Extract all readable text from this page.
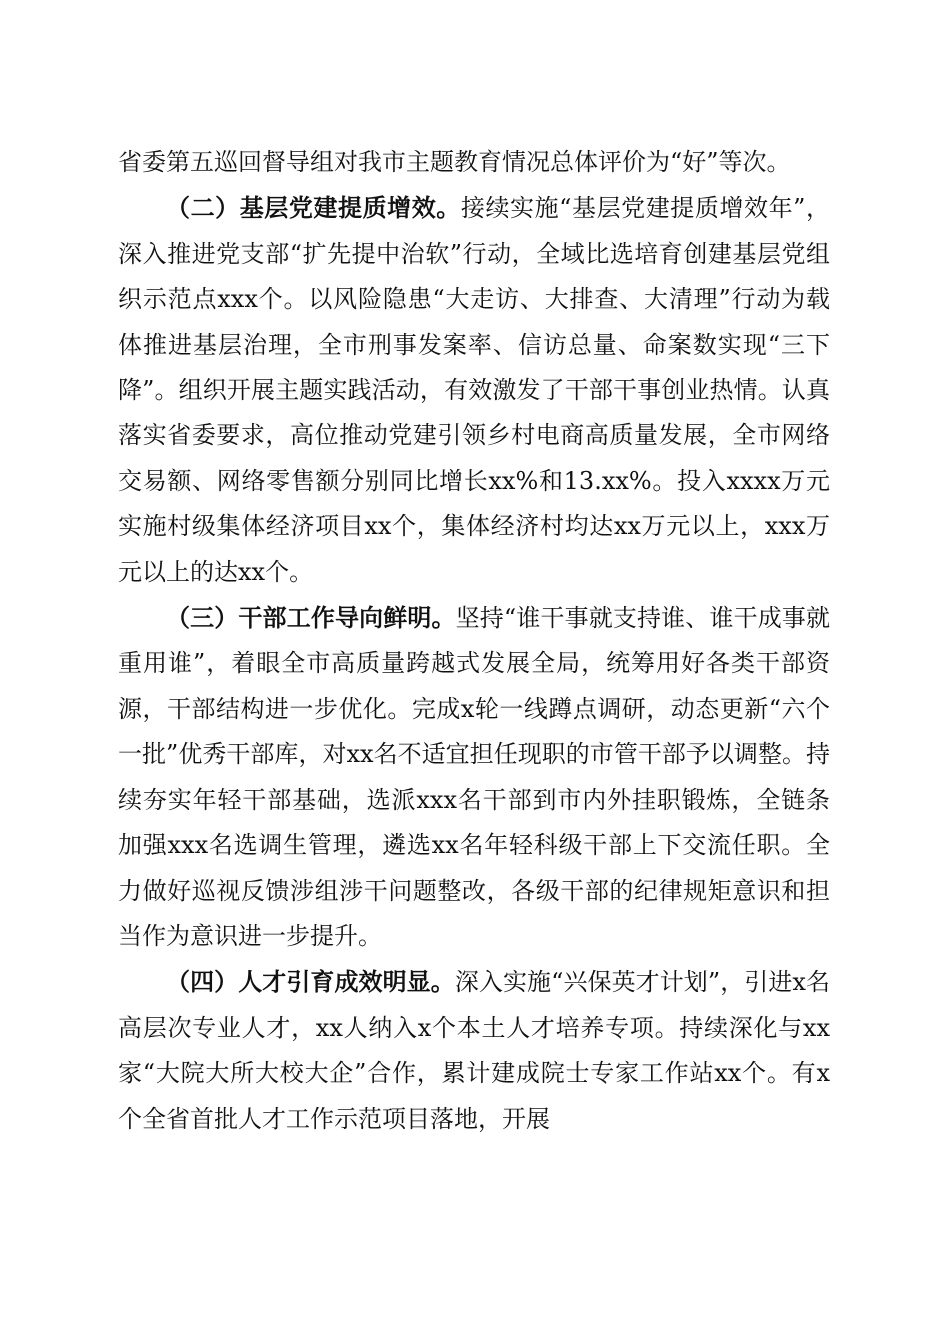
省委第五巡回督导组对我市主题教育情况总体评价为“好”等次。

（二）基层党建提质增效。接续实施“基层党建提质增效年”，深入推进党支部“扩先提中治软”行动，全域比选培育创建基层党组织示范点xxx个。以风险隐患“大走访、大排查、大清理”行动为载体推进基层治理，全市刑事发案率、信访总量、命案数实现“三下降”。组织开展主题实践活动，有效激发了干部干事创业热情。认真落实省委要求，高位推动党建引领乡村电商高质量发展，全市网络交易额、网络零售额分别同比增长xx%和13.xx%。投入xxxx万元实施村级集体经济项目xx个，集体经济村均达xx万元以上，xxx万元以上的达xx个。

（三）干部工作导向鲜明。坚持“谁干事就支持谁、谁干成事就重用谁”，着眼全市高质量跨越式发展全局，统筹用好各类干部资源，干部结构进一步优化。完成x轮一线蹲点调研，动态更新“六个一批”优秀干部库，对xx名不适宜担任现职的市管干部予以调整。持续夯实年轻干部基础，选派xxx名干部到市内外挂职锻炼，全链条加强xxx名选调生管理，遴选xx名年轻科级干部上下交流任职。全力做好巡视反馈涉组涉干问题整改，各级干部的纪律规矩意识和担当作为意识进一步提升。

（四）人才引育成效明显。深入实施“兴保英才计划”，引进x名高层次专业人才，xx人纳入x个本土人才培养专项。持续深化与xx家“大院大所大校大企”合作，累计建成院士专家工作站xx个。有x个全省首批人才工作示范项目落地，开展
